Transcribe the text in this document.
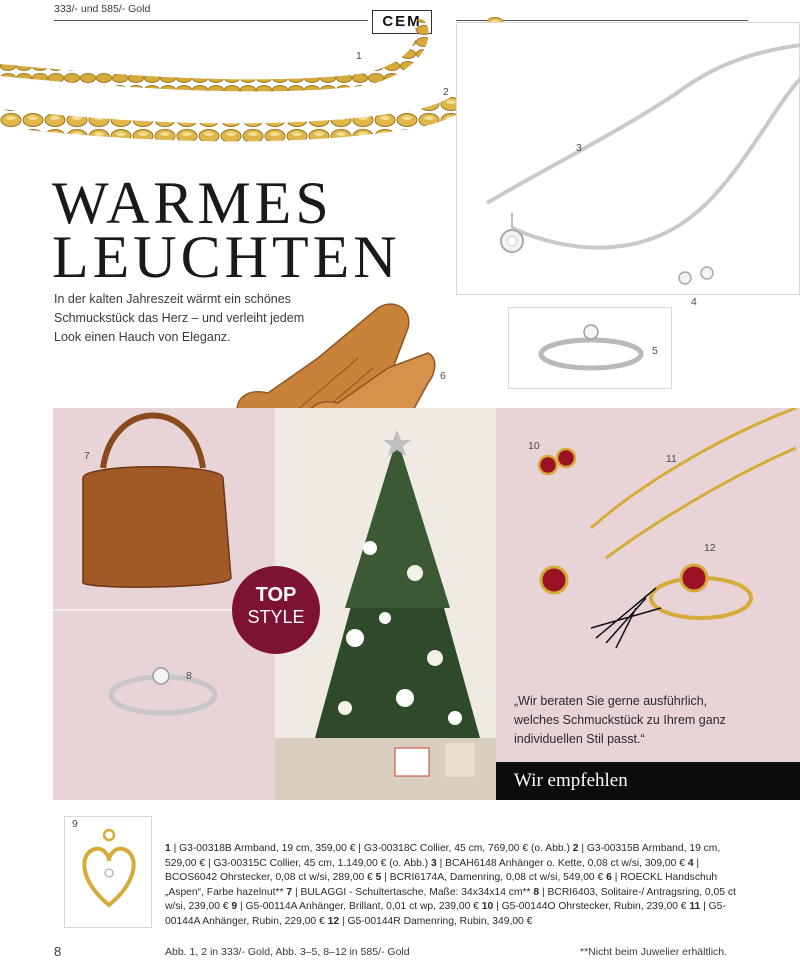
333/- und 585/- Gold
CEM
1
2
3
4
WARMES
LEUCHTEN
In der kalten Jahreszeit wärmt ein schönes
Schmuckstück das Herz – und verleiht jedem
Look einen Hauch von Eleganz.
5
6
7
8
TOP
STYLE
„Wir beraten Sie gerne ausführlich,
welches Schmuckstück zu Ihrem ganz
individuellen Stil passt.“
10
11
12
Wir empfehlen
9
1 | G3-00318B Armband, 19 cm, 359,00 € | G3-00318C Collier, 45 cm, 769,00 € (o. Abb.) 2 | G3-00315B Armband, 19 cm, 529,00 € | G3-00315C Collier, 45 cm, 1.149,00 € (o. Abb.) 3 | BCAH6148 Anhänger o. Kette, 0,08 ct w/si, 309,00 € 4 | BCOS6042 Ohrstecker, 0,08 ct w/si, 289,00 € 5 | BCRI6174A, Damenring, 0,08 ct w/si, 549,00 € 6 | ROECKL Handschuh „Aspen“, Farbe hazelnut** 7 | BULAGGI - Schultertasche, Maße: 34x34x14 cm** 8 | BCRI6403, Solitaire-/ Antragsring, 0,05 ct w/si, 239,00 € 9 | G5-00114A Anhänger, Brillant, 0,01 ct wp, 239,00 € 10 | G5-00144O Ohrstecker, Rubin, 239,00 € 11 | G5-00144A Anhänger, Rubin, 229,00 € 12 | G5-00144R Damenring, Rubin, 349,00 €
8	Abb. 1, 2 in 333/- Gold, Abb. 3–5, 8–12 in 585/- Gold	**Nicht beim Juwelier erhältlich.
